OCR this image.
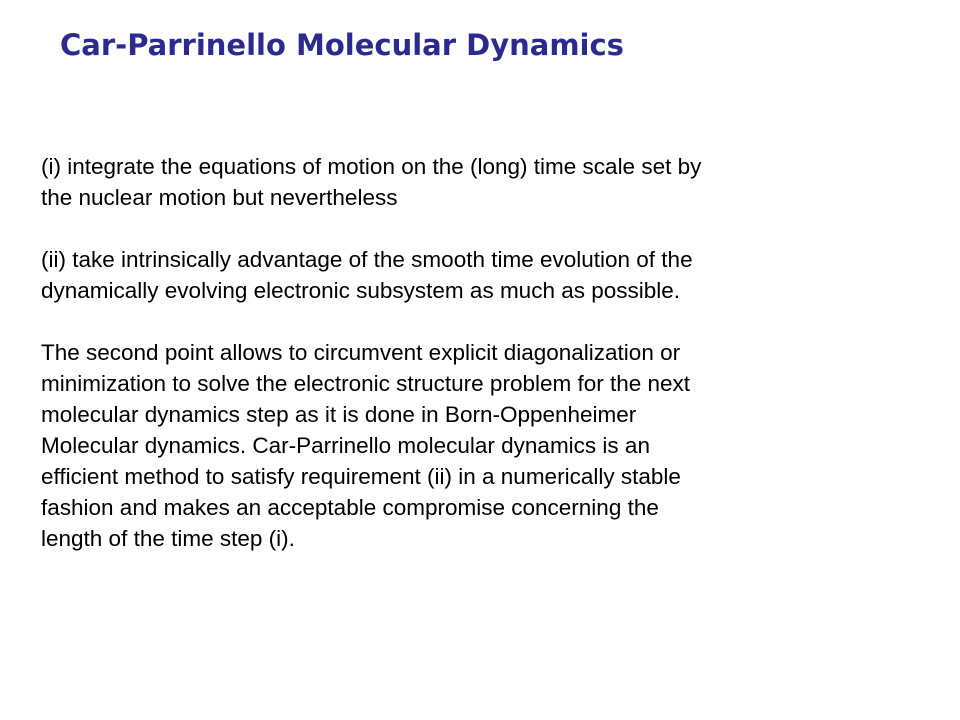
Car-Parrinello Molecular Dynamics

(i) integrate the equations of motion on the (long) time scale set by
the nuclear motion but nevertheless

(ii) take intrinsically advantage of the smooth time evolution of the
dynamically evolving electronic subsystem as much as possible.

The second point allows to circumvent explicit diagonalization or
minimization to solve the electronic structure problem for the next
molecular dynamics step as it is done in Born-Oppenheimer
Molecular dynamics. Car-Parrinello molecular dynamics is an
efficient method to satisfy requirement (ii) in a numerically stable
fashion and makes an acceptable compromise concerning the
length of the time step (i).
